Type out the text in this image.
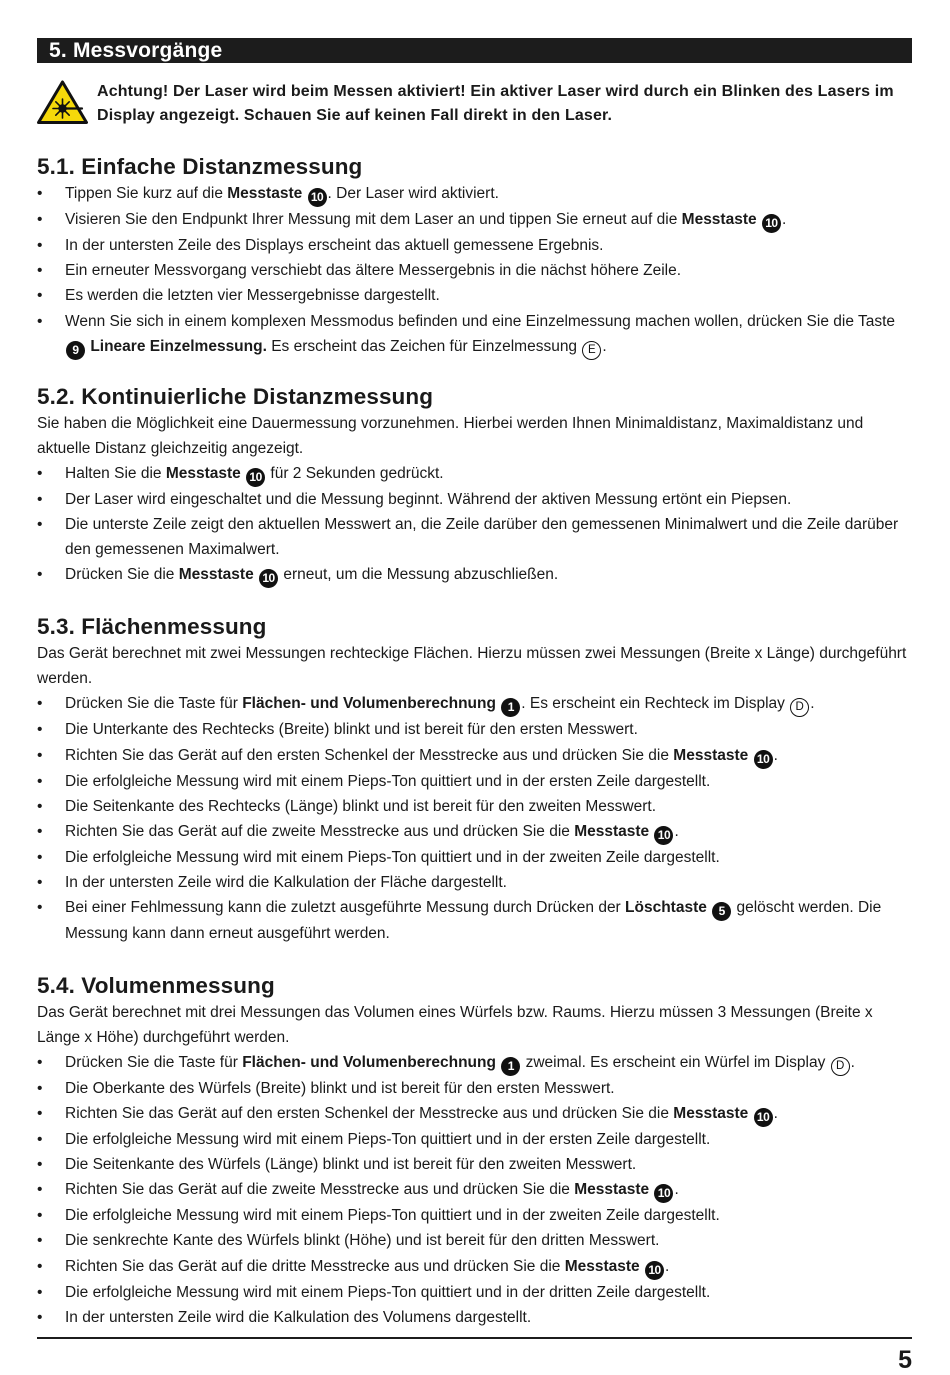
5. Messvorgänge
Achtung! Der Laser wird beim Messen aktiviert! Ein aktiver Laser wird durch ein Blinken des Lasers im Display angezeigt. Schauen Sie auf keinen Fall direkt in den Laser.
5.1. Einfache Distanzmessung
• Tippen Sie kurz auf die Messtaste 10 . Der Laser wird aktiviert.
• Visieren Sie den Endpunkt Ihrer Messung mit dem Laser an und tippen Sie erneut auf die Messtaste 10 .
• In der untersten Zeile des Displays erscheint das aktuell gemessene Ergebnis.
• Ein erneuter Messvorgang verschiebt das ältere Messergebnis in die nächst höhere Zeile.
• Es werden die letzten vier Messergebnisse dargestellt.
• Wenn Sie sich in einem komplexen Messmodus befinden und eine Einzelmessung machen wollen, drücken Sie die Taste 9 Lineare Einzelmessung. Es erscheint das Zeichen für Einzelmessung E .
5.2. Kontinuierliche Distanzmessung

Sie haben die Möglichkeit eine Dauermessung vorzunehmen. Hierbei werden Ihnen Minimaldistanz, Maximaldistanz und aktuelle Distanz gleichzeitig angezeigt.

• Halten Sie die Messtaste 10 für 2 Sekunden gedrückt.
• Der Laser wird eingeschaltet und die Messung beginnt. Während der aktiven Messung ertönt ein Piepsen.
• Die unterste Zeile zeigt den aktuellen Messwert an, die Zeile darüber den gemessenen Minimalwert und die Zeile darüber den gemessenen Maximalwert.
• Drücken Sie die Messtaste 10 erneut, um die Messung abzuschließen.
5.3. Flächenmessung

Das Gerät berechnet mit zwei Messungen rechteckige Flächen. Hierzu müssen zwei Messungen (Breite x Länge) durchgeführt werden.

• Drücken Sie die Taste für Flächen- und Volumenberechnung 1 . Es erscheint ein Rechteck im Display D .
• Die Unterkante des Rechtecks (Breite) blinkt und ist bereit für den ersten Messwert.
• Richten Sie das Gerät auf den ersten Schenkel der Messtrecke aus und drücken Sie die Messtaste 10 .
• Die erfolgleiche Messung wird mit einem Pieps-Ton quittiert und in der ersten Zeile dargestellt.
• Die Seitenkante des Rechtecks (Länge) blinkt und ist bereit für den zweiten Messwert.
• Richten Sie das Gerät auf die zweite Messtrecke aus und drücken Sie die Messtaste 10 .
• Die erfolgleiche Messung wird mit einem Pieps-Ton quittiert und in der zweiten Zeile dargestellt.
• In der untersten Zeile wird die Kalkulation der Fläche dargestellt.
• Bei einer Fehlmessung kann die zuletzt ausgeführte Messung durch Drücken der Löschtaste 5 gelöscht werden. Die Messung kann dann erneut ausgeführt werden.
5.4. Volumenmessung

Das Gerät berechnet mit drei Messungen das Volumen eines Würfels bzw. Raums. Hierzu müssen 3 Messungen (Breite x Länge x Höhe) durchgeführt werden.

• Drücken Sie die Taste für Flächen- und Volumenberechnung 1 zweimal. Es erscheint ein Würfel im Display D .
• Die Oberkante des Würfels (Breite) blinkt und ist bereit für den ersten Messwert.
• Richten Sie das Gerät auf den ersten Schenkel der Messtrecke aus und drücken Sie die Messtaste 10 .
• Die erfolgleiche Messung wird mit einem Pieps-Ton quittiert und in der ersten Zeile dargestellt.
• Die Seitenkante des Würfels (Länge) blinkt und ist bereit für den zweiten Messwert.
• Richten Sie das Gerät auf die zweite Messtrecke aus und drücken Sie die Messtaste 10 .
• Die erfolgleiche Messung wird mit einem Pieps-Ton quittiert und in der zweiten Zeile dargestellt.
• Die senkrechte Kante des Würfels blinkt (Höhe) und ist bereit für den dritten Messwert.
• Richten Sie das Gerät auf die dritte Messtrecke aus und drücken Sie die Messtaste 10 .
• Die erfolgleiche Messung wird mit einem Pieps-Ton quittiert und in der dritten Zeile dargestellt.
• In der untersten Zeile wird die Kalkulation des Volumens dargestellt.
5
